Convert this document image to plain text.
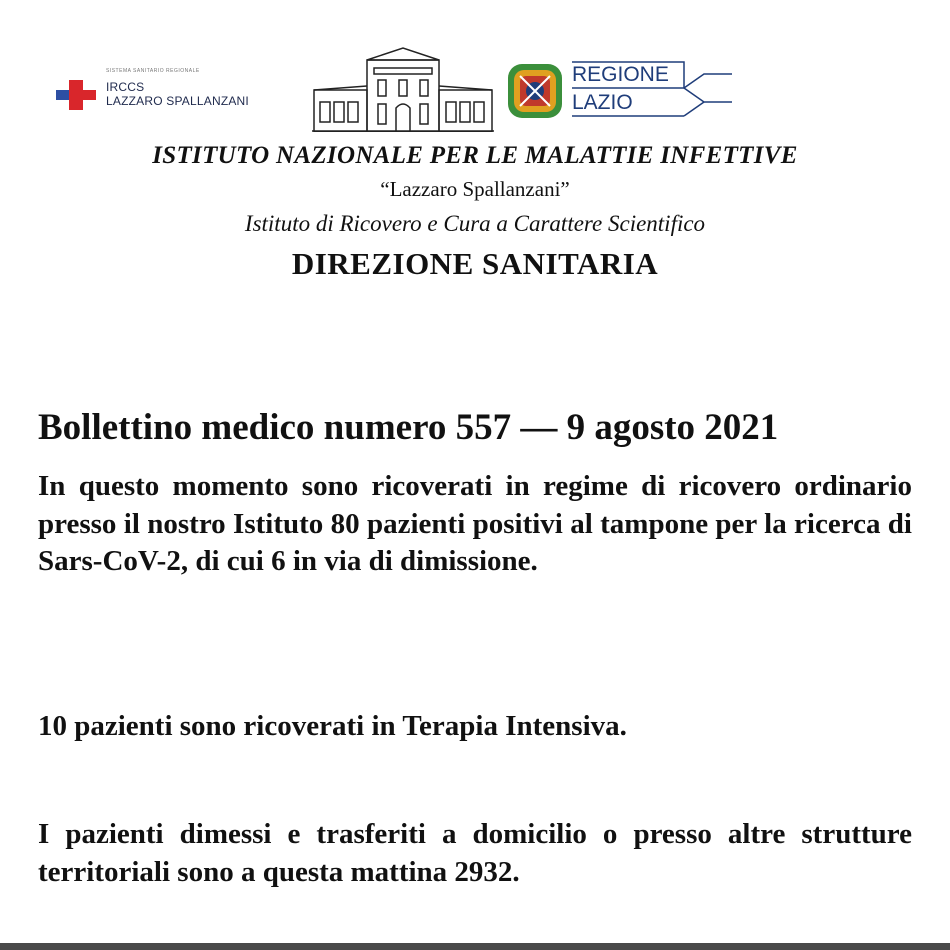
SISTEMA SANITARIO REGIONALE
IRCCS
LAZZARO SPALLANZANI
REGIONE
LAZIO
ISTITUTO NAZIONALE PER LE MALATTIE INFETTIVE
“Lazzaro Spallanzani”
Istituto di Ricovero e Cura a Carattere Scientifico
DIREZIONE SANITARIA
Bollettino medico numero 557 — 9 agosto 2021
In questo momento sono ricoverati in regime di ricovero ordinario presso il nostro Istituto 80 pazienti positivi al tampone per la ricerca di Sars-CoV-2, di cui 6 in via di dimissione.
10 pazienti sono ricoverati in Terapia Intensiva.
I pazienti dimessi e trasferiti a domicilio o presso altre strutture territoriali sono a questa mattina 2932.
